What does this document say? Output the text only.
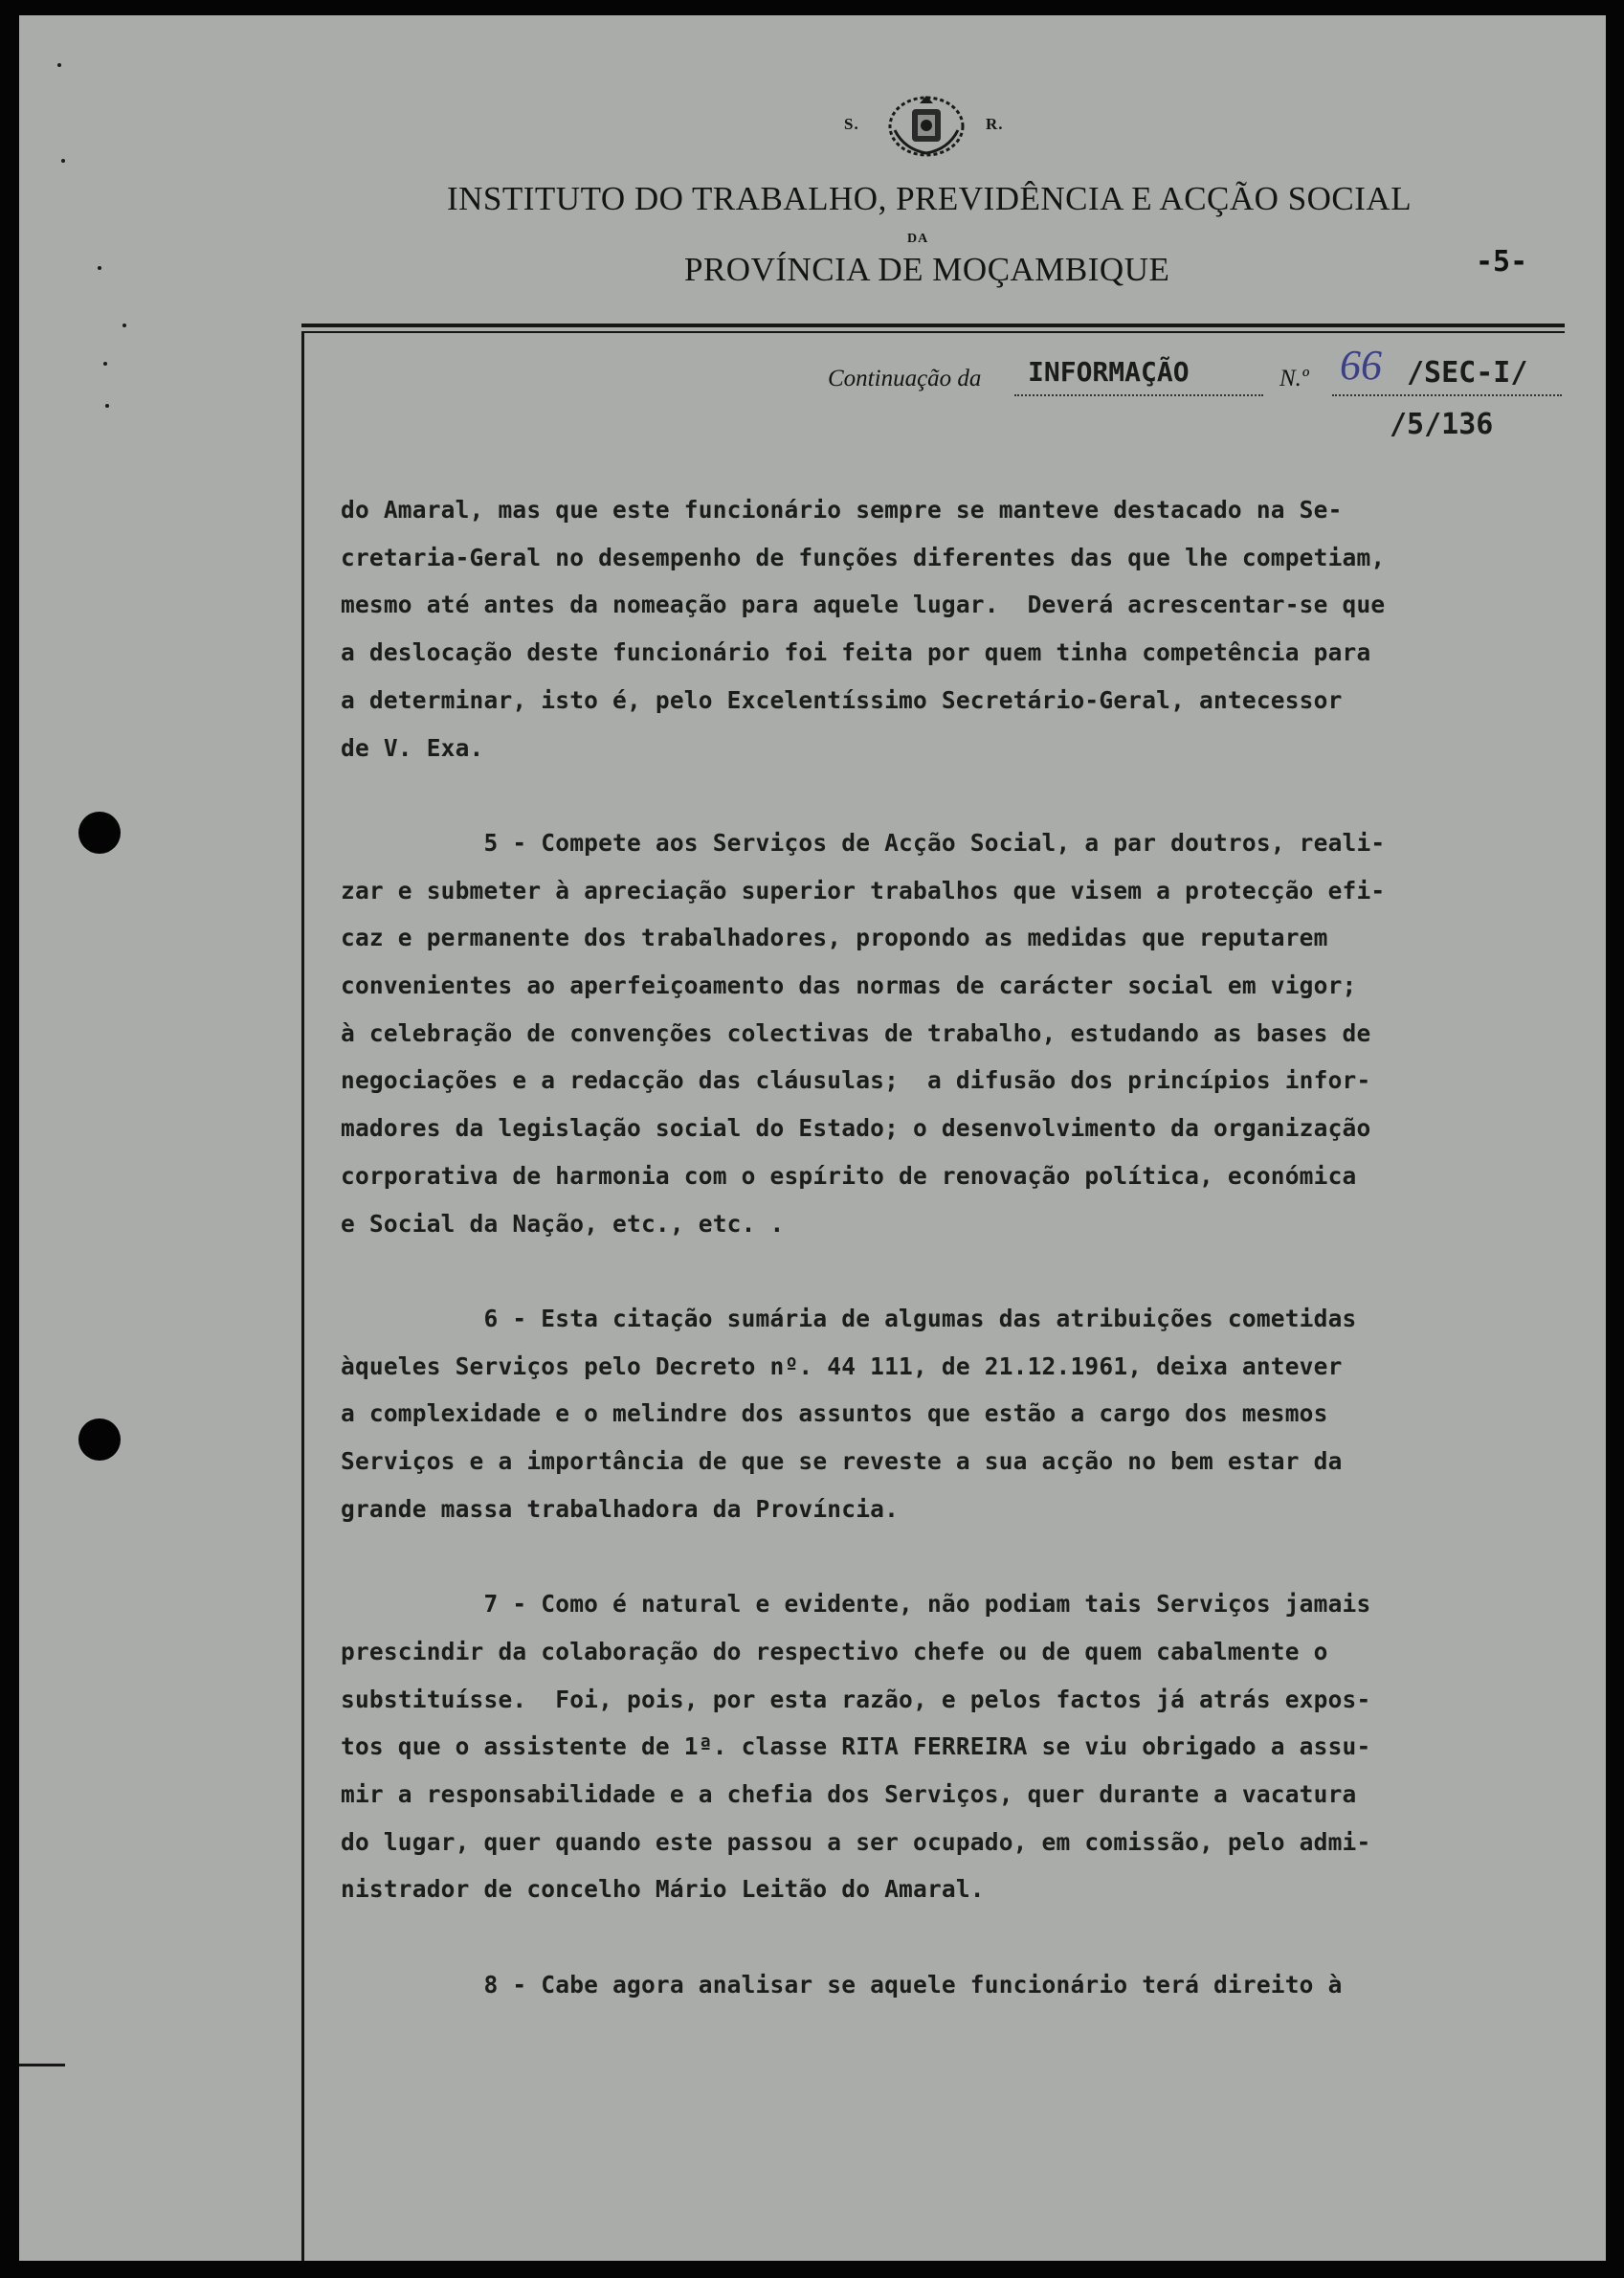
S.	R.
INSTITUTO DO TRABALHO, PREVIDÊNCIA E ACÇÃO SOCIAL
DA
PROVÍNCIA DE MOÇAMBIQUE	-5-
Continuação da INFORMAÇÃO	N.º 66 /SEC-I/
/5/136
do Amaral, mas que este funcionário sempre se manteve destacado na Se-
cretaria-Geral no desempenho de funções diferentes das que lhe competiam,
mesmo até antes da nomeação para aquele lugar.  Deverá acrescentar-se que
a deslocação deste funcionário foi feita por quem tinha competência para
a determinar, isto é, pelo Excelentíssimo Secretário-Geral, antecessor
de V. Exa.
5 - Compete aos Serviços de Acção Social, a par doutros, reali-
zar e submeter à apreciação superior trabalhos que visem a protecção efi-
caz e permanente dos trabalhadores, propondo as medidas que reputarem
convenientes ao aperfeiçoamento das normas de carácter social em vigor;
à celebração de convenções colectivas de trabalho, estudando as bases de
negociações e a redacção das cláusulas;  a difusão dos princípios infor-
madores da legislação social do Estado; o desenvolvimento da organização
corporativa de harmonia com o espírito de renovação política, económica
e Social da Nação, etc., etc. .
6 - Esta citação sumária de algumas das atribuições cometidas
àqueles Serviços pelo Decreto nº. 44 111, de 21.12.1961, deixa antever
a complexidade e o melindre dos assuntos que estão a cargo dos mesmos
Serviços e a importância de que se reveste a sua acção no bem estar da
grande massa trabalhadora da Província.
7 - Como é natural e evidente, não podiam tais Serviços jamais
prescindir da colaboração do respectivo chefe ou de quem cabalmente o
substituísse.  Foi, pois, por esta razão, e pelos factos já atrás expos-
tos que o assistente de 1ª. classe RITA FERREIRA se viu obrigado a assu-
mir a responsabilidade e a chefia dos Serviços, quer durante a vacatura
do lugar, quer quando este passou a ser ocupado, em comissão, pelo admi-
nistrador de concelho Mário Leitão do Amaral.
8 - Cabe agora analisar se aquele funcionário terá direito à
